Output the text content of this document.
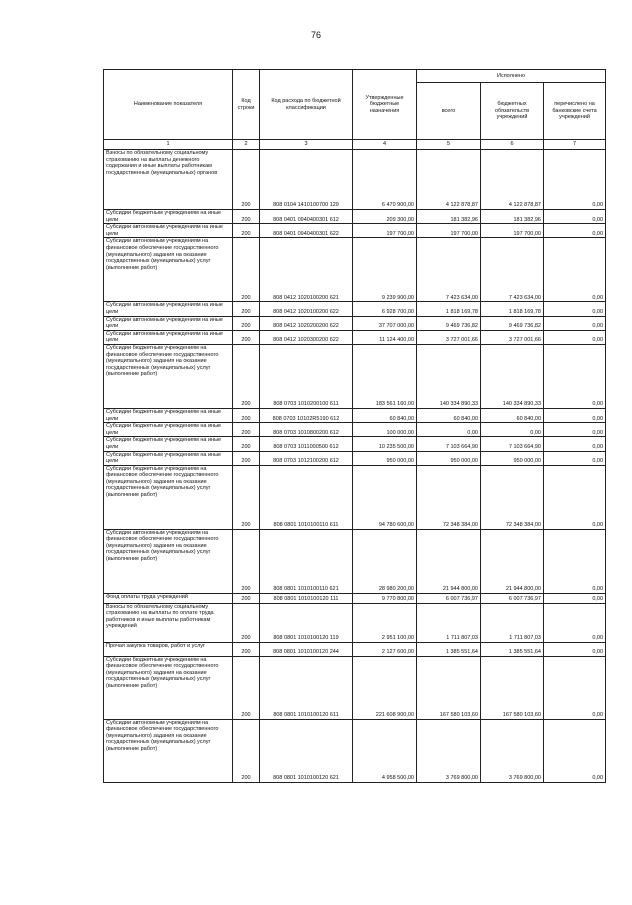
76
Наименование показателя	Код строки	Код расхода по бюджетной классификации	Утвержденные бюджетные назначения	Исполнено		
				всего	бюджетных обязательств учреждений	перечислено на банковские счета учреждений
1	2	3	4	5	6	7
Взносы по обязательному социальному страхованию на выплаты денежного содержания и иные выплаты работникам государственных (муниципальных) органов	200	808 0104 1410100700 129	6 470 900,00	4 122 878,87	4 122 878,87	0,00
Субсидии бюджетным учреждениям на иные цели	200	808 0401 0940400301 612	209 300,00	181 382,96	181 382,96	0,00
Субсидии автономным учреждениям на иные цели	200	808 0401 0940400301 622	197 700,00	197 700,00	197 700,00	0,00
Субсидии автономным учреждениям на финансовое обеспечение государственного (муниципального) задания на оказание государственных (муниципальных) услуг (выполнение работ)	200	808 0412 1020100200 621	9 239 900,00	7 423 634,00	7 423 634,00	0,00
Субсидии автономным учреждениям на иные цели	200	808 0412 1020100200 622	6 928 700,00	1 818 169,78	1 818 169,78	0,00
Субсидии автономным учреждениям на иные цели	200	808 0412 1020200200 622	37 707 000,00	9 469 736,82	9 469 736,82	0,00
Субсидии автономным учреждениям на иные цели	200	808 0412 1020300200 622	11 124 400,00	3 727 001,66	3 727 001,66	0,00
Субсидии бюджетным учреждениям на финансовое обеспечение государственного (муниципального) задания на оказание государственных (муниципальных) услуг (выполнение работ)	200	808 0703 1010200100 611	183 561 160,00	140 334 890,33	140 334 890,33	0,00
Субсидии бюджетным учреждениям на иные цели	200	808 0703 10102R5190 612	60 840,00	60 840,00	60 840,00	0,00
Субсидии бюджетным учреждениям на иные цели	200	808 0703 1010800200 612	100 000,00	0,00	0,00	0,00
Субсидии бюджетным учреждениям на иные цели	200	808 0703 1011000500 612	10 235 500,00	7 103 664,90	7 103 664,90	0,00
Субсидии бюджетным учреждениям на иные цели	200	808 0703 1012100200 612	950 000,00	950 000,00	950 000,00	0,00
Субсидии бюджетным учреждениям на финансовое обеспечение государственного (муниципального) задания на оказание государственных (муниципальных) услуг (выполнение работ)	200	808 0801 1010100110 611	94 780 600,00	72 348 384,00	72 348 384,00	0,00
Субсидии автономным учреждениям на финансовое обеспечение государственного (муниципального) задания на оказание государственных (муниципальных) услуг (выполнение работ)	200	808 0801 1010100110 621	28 980 200,00	21 944 800,00	21 944 800,00	0,00
Фонд оплаты труда учреждений	200	808 0801 1010100120 111	9 770 800,00	6 007 736,97	6 007 736,97	0,00
Взносы по обязательному социальному страхованию на выплаты по оплате труда работников и иные выплаты работникам учреждений	200	808 0801 1010100120 119	2 951 100,00	1 711 807,03	1 711 807,03	0,00
Прочая закупка товаров, работ и услуг	200	808 0801 1010100120 244	2 127 600,00	1 385 551,64	1 385 551,64	0,00
Субсидии бюджетным учреждениям на финансовое обеспечение государственного (муниципального) задания на оказание государственных (муниципальных) услуг (выполнение работ)	200	808 0801 1010100120 611	221 608 900,00	167 580 103,60	167 580 103,60	0,00
Субсидии автономным учреждениям на финансовое обеспечение государственного (муниципального) задания на оказание государственных (муниципальных) услуг (выполнение работ)	200	808 0801 1010100120 621	4 958 500,00	3 769 800,00	3 769 800,00	0,00
